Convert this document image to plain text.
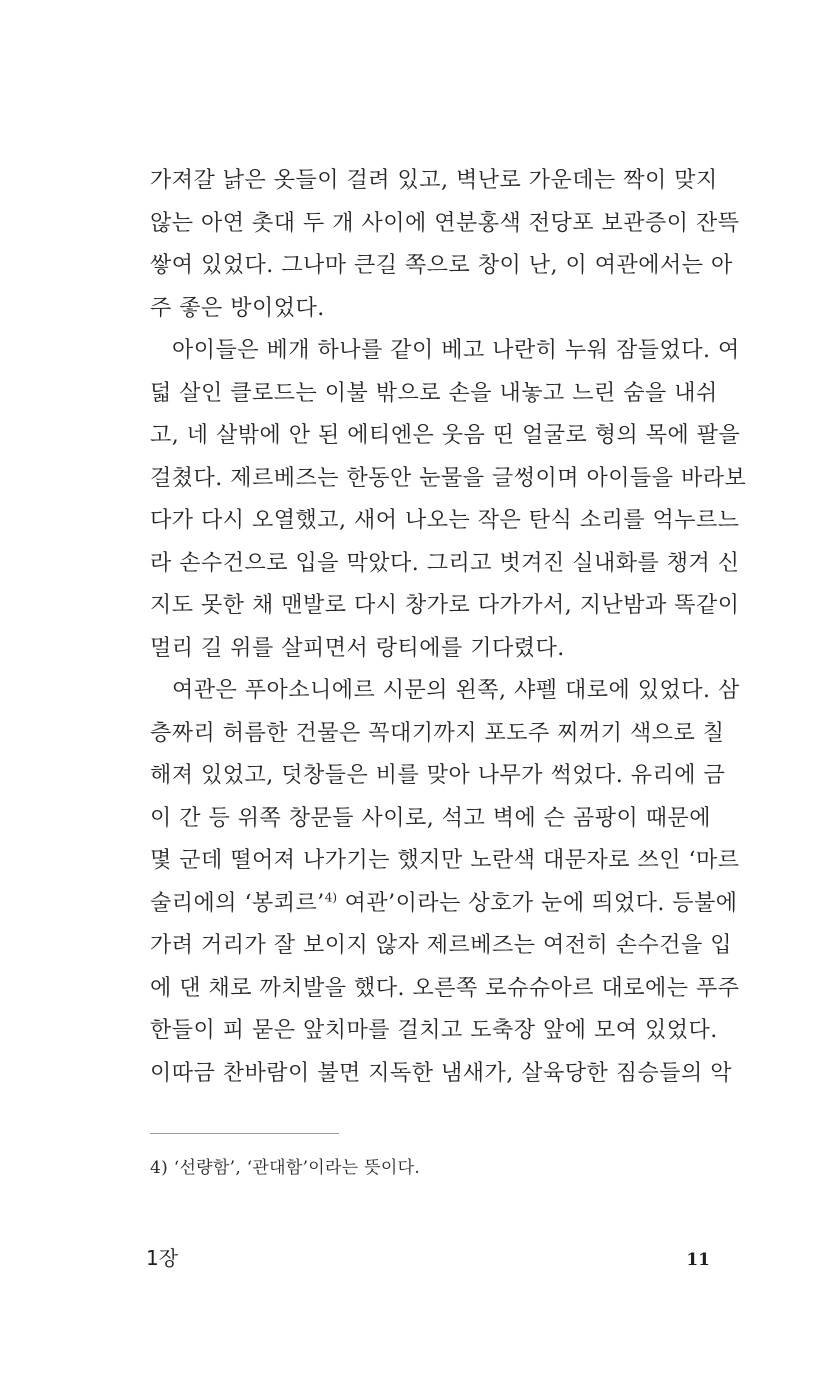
가져갈 낡은 옷들이 걸려 있고, 벽난로 가운데는 짝이 맞지
않는 아연 촛대 두 개 사이에 연분홍색 전당포 보관증이 잔뜩
쌓여 있었다. 그나마 큰길 쪽으로 창이 난, 이 여관에서는 아
주 좋은 방이었다.
아이들은 베개 하나를 같이 베고 나란히 누워 잠들었다. 여
덟 살인 클로드는 이불 밖으로 손을 내놓고 느린 숨을 내쉬
고, 네 살밖에 안 된 에티엔은 웃음 띤 얼굴로 형의 목에 팔을
걸쳤다. 제르베즈는 한동안 눈물을 글썽이며 아이들을 바라보
다가 다시 오열했고, 새어 나오는 작은 탄식 소리를 억누르느
라 손수건으로 입을 막았다. 그리고 벗겨진 실내화를 챙겨 신
지도 못한 채 맨발로 다시 창가로 다가가서, 지난밤과 똑같이
멀리 길 위를 살피면서 랑티에를 기다렸다.
여관은 푸아소니에르 시문의 왼쪽, 샤펠 대로에 있었다. 삼
층짜리 허름한 건물은 꼭대기까지 포도주 찌꺼기 색으로 칠
해져 있었고, 덧창들은 비를 맞아 나무가 썩었다. 유리에 금
이 간 등 위쪽 창문들 사이로, 석고 벽에 슨 곰팡이 때문에
몇 군데 떨어져 나가기는 했지만 노란색 대문자로 쓰인 ‘마르
술리에의 ‘봉쾨르’$^{4)}$ 여관’이라는 상호가 눈에 띄었다. 등불에
가려 거리가 잘 보이지 않자 제르베즈는 여전히 손수건을 입
에 댄 채로 까치발을 했다. 오른쪽 로슈슈아르 대로에는 푸주
한들이 피 묻은 앞치마를 걸치고 도축장 앞에 모여 있었다.
이따금 찬바람이 불면 지독한 냄새가, 살육당한 짐승들의 악
4) ‘선량함’, ‘관대함’이라는 뜻이다.
1장	11
